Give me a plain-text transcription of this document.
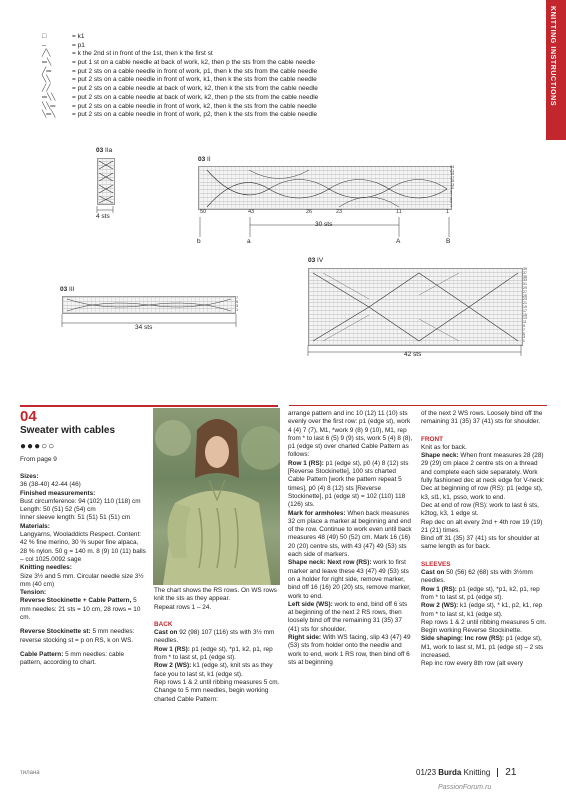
KNITTING INSTRUCTIONS
□	= k1
–	= p1
╱╲	= k the 2nd st in front of the 1st, then k the first st
═╲	= put 1 st on a cable needle at back of work, k2, then p the sts from the cable needle
╱═	= put 2 sts on a cable needle in front of work, p1, then k the sts from the cable needle
╲╲	= put 2 sts on a cable needle in front of work, k1, then k the sts from the cable needle
╱╱	= put 2 sts on a cable needle at back of work, k2, then k the sts from the cable needle
═╲╲	= put 2 sts on a cable needle at back of work, k2, then p the sts from the cable needle
╲╲═	= put 2 sts on a cable needle in front of work, k2, then k the sts from the cable needle
╲═╲	= put 2 sts on a cable needle in front of work, p2, then k the sts from the cable needle
03 IIa
4 sts
03 II
24
21
19
17
15
13
11
9
7
5
3
1
50	43	26	23	11	1
30 sts
b	a	A	B
03 III
7
5
3
1
34 sts
03 IV
39
37
35
33
31
29
27
25
23
21
19
17
15
13
11
9
7
5
3
1
42 sts
04
Sweater with cables
●●●○○
From page 9

Sizes:

36 (38-40) 42-44 (46)

Finished measurements:

Bust circumference: 94 (102) 110 (118) cm

Length: 50 (51) 52 (54) cm

Inner sleeve length: 51 (51) 51 (51) cm

Materials:

Langyarns, Wooladdicts Respect. Content: 42 % fine merino, 30 % super fine alpaca, 28 % nylon. 50 g = 140 m. 8 (9) 10 (11) balls – col 1025.0092 sage

Knitting needles:

Size 3½ and 5 mm. Circular needle size 3½ mm (40 cm)

Tension:

Reverse Stockinette + Cable Pattern, 5 mm needles: 21 sts = 10 cm, 28 rows = 10 cm.

Reverse Stockinette st: 5 mm needles: reverse stocking st = p on RS, k on WS.

Cable Pattern: 5 mm needles: cable pattern, according to chart.

The chart shows the RS rows. On WS rows knit the sts as they appear.

Repeat rows 1 – 24.

BACK

Cast on 92 (98) 107 (116) sts with 3½ mm needles.

Row 1 (RS): p1 (edge st), *p1, k2, p1, rep from * to last st, p1 (edge st).

Row 2 (WS): k1 (edge st), knit sts as they face you to last st, k1 (edge st).

Rep rows 1 & 2 until ribbing measures 5 cm.

Change to 5 mm needles, begin working charted Cable Pattern:

arrange pattern and inc 10 (12) 11 (10) sts evenly over the first row: p1 (edge st), work 4 (4) 7 (7), M1, *work 9 (8) 9 (10), M1, rep from * to last 6 (5) 9 (9) sts, work 5 (4) 8 (8), p1 (edge st) over charted Cable Pattern as follows:

Row 1 (RS): p1 (edge st), p0 (4) 8 (12) sts [Reverse Stockinette], 100 sts charted Cable Pattern [work the pattern repeat 5 times], p0 (4) 8 (12) sts [Reverse Stockinette], p1 (edge st) = 102 (110) 118 (126) sts.

Mark for armholes: When back measures 32 cm place a marker at beginning and end of the row. Continue to work even until back measures 48 (49) 50 (52) cm. Mark 16 (16) 20 (20) centre sts, with 43 (47) 49 (53) sts each side of markers.

Shape neck: Next row (RS): work to first marker and leave these 43 (47) 49 (53) sts on a holder for right side, remove marker, bind off 16 (16) 20 (20) sts, remove marker, work to end.

Left side (WS): work to end, bind off 6 sts at beginning of the next 2 RS rows, then loosely bind off the remaining 31 (35) 37 (41) sts for shoulder.

Right side: With WS facing, slip 43 (47) 49 (53) sts from holder onto the needle and work to end, work 1 RS row, then bind off 6 sts at beginning

of the next 2 WS rows. Loosely bind off the remaining 31 (35) 37 (41) sts for shoulder.

FRONT

Knit as for back.

Shape neck: When front measures 28 (28) 29 (29) cm place 2 centre sts on a thread and complete each side separately. Work fully fashioned dec at neck edge for V-neck:

Dec at beginning of row (RS): p1 (edge st), k3, sl1, k1, psso, work to end.

Dec at end of row (RS): work to last 6 sts, k2tog, k3, 1 edge st.

Rep dec on alt every 2nd + 4th row 19 (19) 21 (21) times.

Bind off 31 (35) 37 (41) sts for shoulder at same length as for back.

SLEEVES

Cast on 50 (56) 62 (68) sts with 3½mm needles.

Row 1 (RS): p1 (edge st), *p1, k2, p1, rep from * to last st, p1 (edge st).

Row 2 (WS): k1 (edge st), * k1, p2, k1, rep from * to last st, k1 (edge st).

Rep rows 1 & 2 until ribbing measures 5 cm.

Begin working Reverse Stockinette.

Side shaping: Inc row (RS): p1 (edge st), M1, work to last st, M1, p1 (edge st) – 2 sts increased.

Rep inc row every 8th row (alt every

тилана	01/23 Burda Knitting 21
PassionForum.ru
